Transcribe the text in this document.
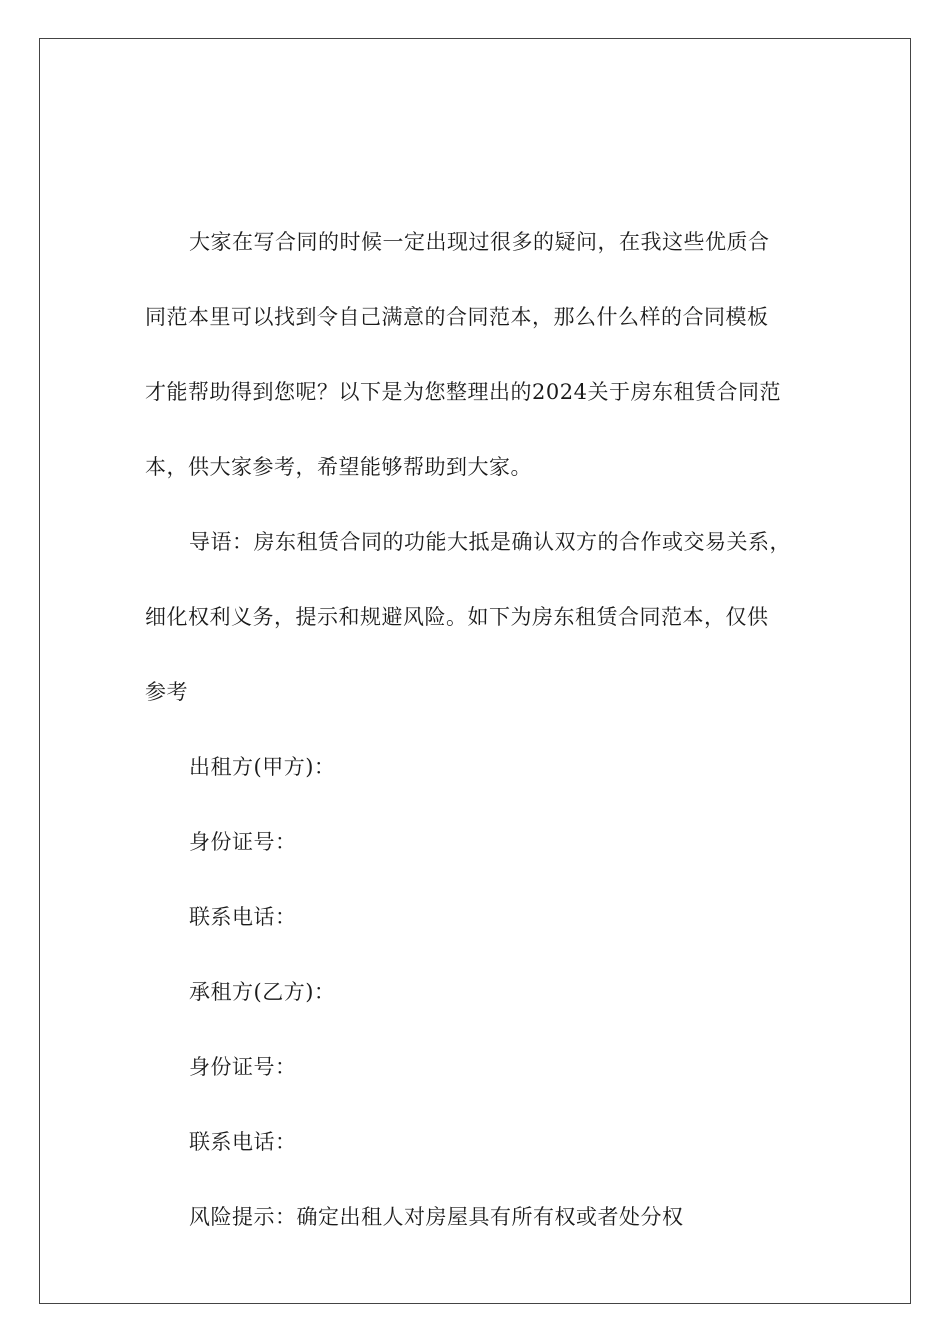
大家在写合同的时候一定出现过很多的疑问，在我这些优质合
同范本里可以找到令自己满意的合同范本，那么什么样的合同模板
才能帮助得到您呢？以下是为您整理出的2024关于房东租赁合同范
本，供大家参考，希望能够帮助到大家。
导语：房东租赁合同的功能大抵是确认双方的合作或交易关系，
细化权利义务，提示和规避风险。如下为房东租赁合同范本，仅供
参考
出租方(甲方)：
身份证号：
联系电话：
承租方(乙方)：
身份证号：
联系电话：
风险提示：确定出租人对房屋具有所有权或者处分权
